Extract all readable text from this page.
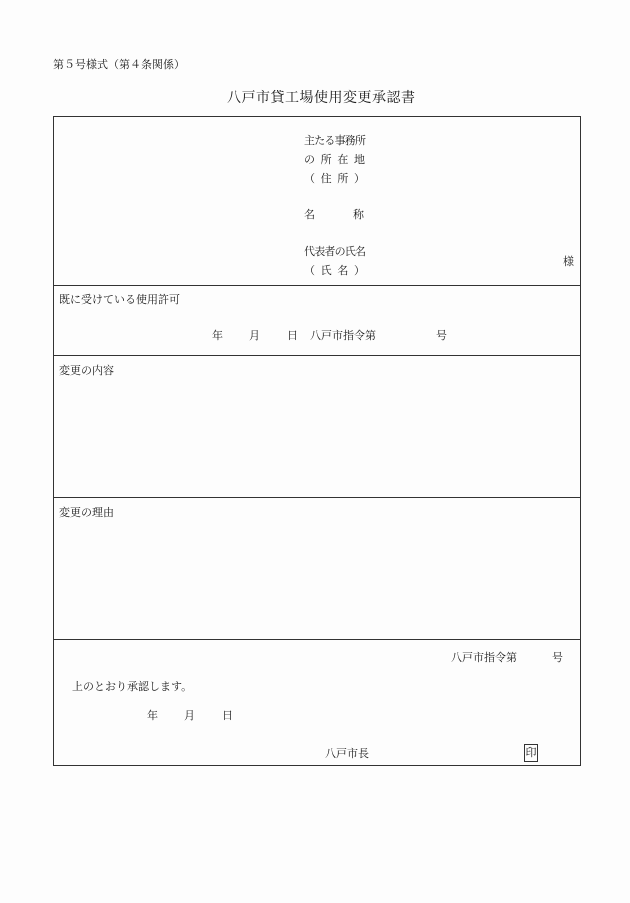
第５号様式（第４条関係）
八戸市貸工場使用変更承認書
主たる事務所
の 所 在 地
（ 住 所 ）
名	称
代表者の氏名
（ 氏 名 ）
様
既に受けている使用許可
年 月 日 八戸市指令第	号
変更の内容
変更の理由
八戸市指令第	号
上のとおり承認します。
年 月 日
八戸市長	印
